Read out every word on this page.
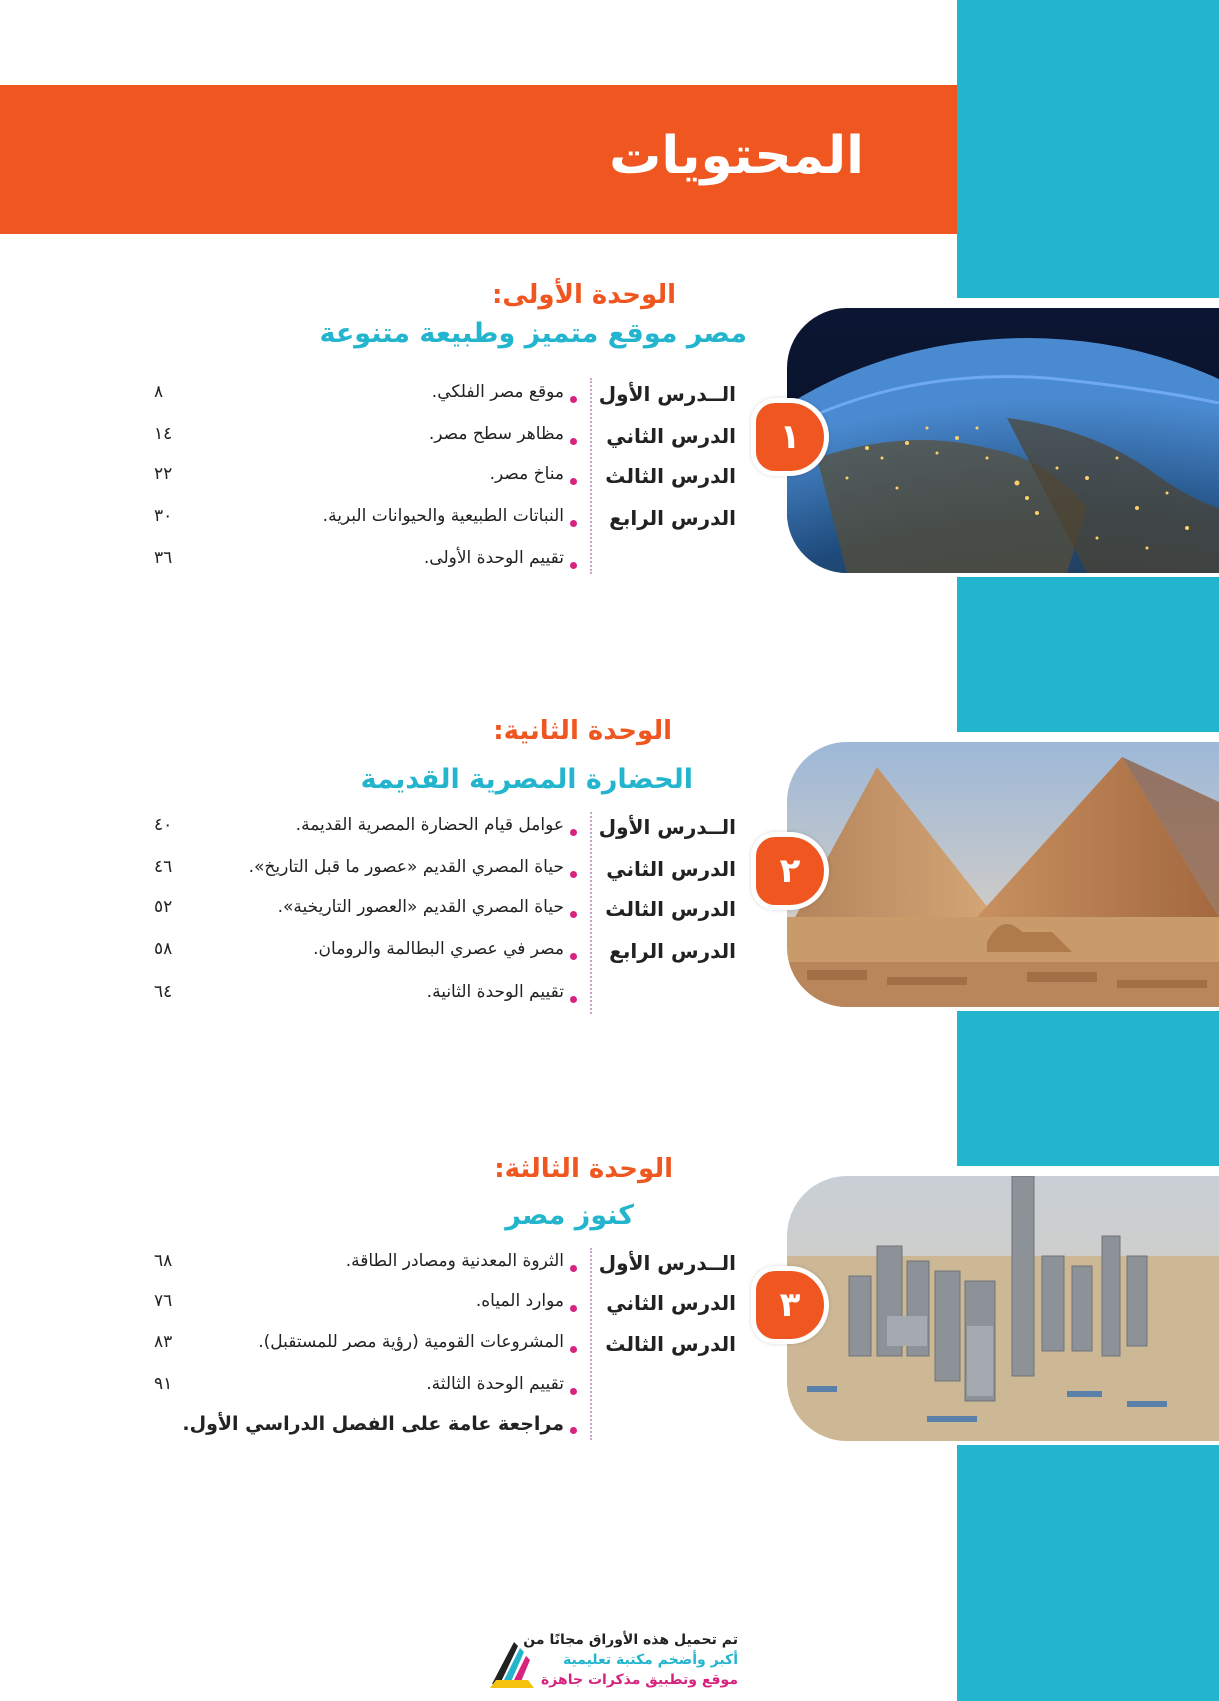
المحتويات
١
الوحدة الأولى:
مصر موقع متميز وطبيعة متنوعة
الــدرس الأول
موقع مصر الفلكي.
٨
الدرس الثاني
مظاهر سطح مصر.
١٤
الدرس الثالث
مناخ مصر.
٢٢
الدرس الرابع
النباتات الطبيعية والحيوانات البرية.
٣٠
تقييم الوحدة الأولى.
٣٦
٢
الوحدة الثانية:
الحضارة المصرية القديمة
الــدرس الأول
عوامل قيام الحضارة المصرية القديمة.
٤٠
الدرس الثاني
حياة المصري القديم «عصور ما قبل التاريخ».
٤٦
الدرس الثالث
حياة المصري القديم «العصور التاريخية».
٥٢
الدرس الرابع
مصر في عصري البطالمة والرومان.
٥٨
تقييم الوحدة الثانية.
٦٤
٣
الوحدة الثالثة:
كنوز مصر
الــدرس الأول
الثروة المعدنية ومصادر الطاقة.
٦٨
الدرس الثاني
موارد المياه.
٧٦
الدرس الثالث
المشروعات القومية (رؤية مصر للمستقبل).
٨٣
تقييم الوحدة الثالثة.
٩١
مراجعة عامة على الفصل الدراسي الأول.
تم تحميل هذه الأوراق مجانًا من
أكبر وأضخم مكتبة تعليمية
موقع وتطبيق مذكرات جاهزة
